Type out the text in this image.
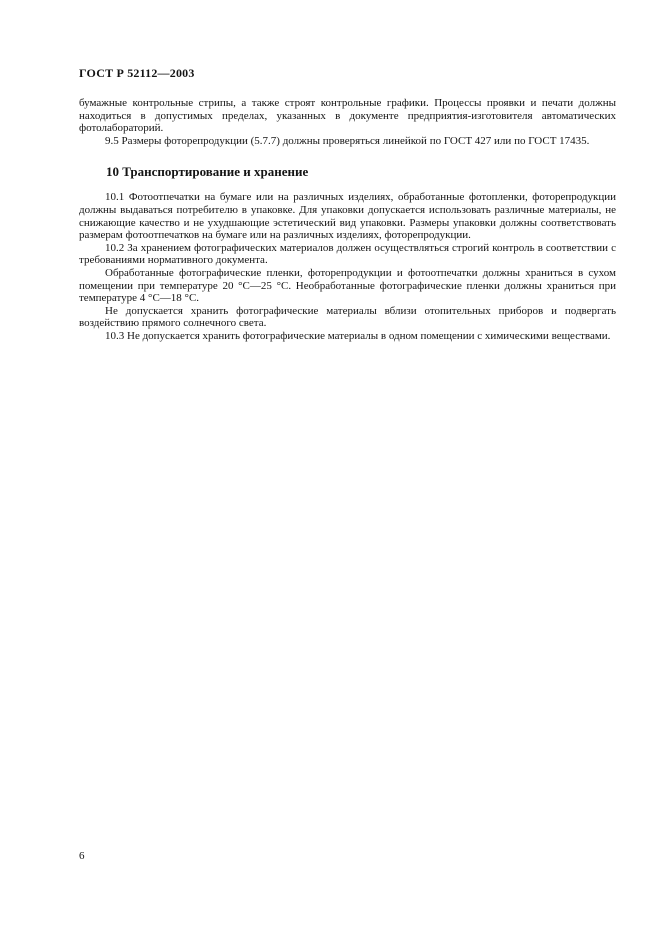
ГОСТ Р 52112—2003

бумажные контрольные стрипы, а также строят контрольные графики. Процессы проявки и печати должны находиться в допустимых пределах, указанных в документе предприятия-изготовителя автоматических фотолабораторий.

9.5 Размеры фоторепродукции (5.7.7) должны проверяться линейкой по ГОСТ 427 или по ГОСТ 17435.

10 Транспортирование и хранение

10.1 Фотоотпечатки на бумаге или на различных изделиях, обработанные фотопленки, фоторепродукции должны выдаваться потребителю в упаковке. Для упаковки допускается использовать различные материалы, не снижающие качество и не ухудшающие эстетический вид упаковки. Размеры упаковки должны соответствовать размерам фотоотпечатков на бумаге или на различных изделиях, фоторепродукции.

10.2 За хранением фотографических материалов должен осуществляться строгий контроль в соответствии с требованиями нормативного документа.

Обработанные фотографические пленки, фоторепродукции и фотоотпечатки должны храниться в сухом помещении при температуре 20 °С—25 °С. Необработанные фотографические пленки должны храниться при температуре 4 °С—18 °С.

Не допускается хранить фотографические материалы вблизи отопительных приборов и подвергать воздействию прямого солнечного света.

10.3 Не допускается хранить фотографические материалы в одном помещении с химическими веществами.

6
